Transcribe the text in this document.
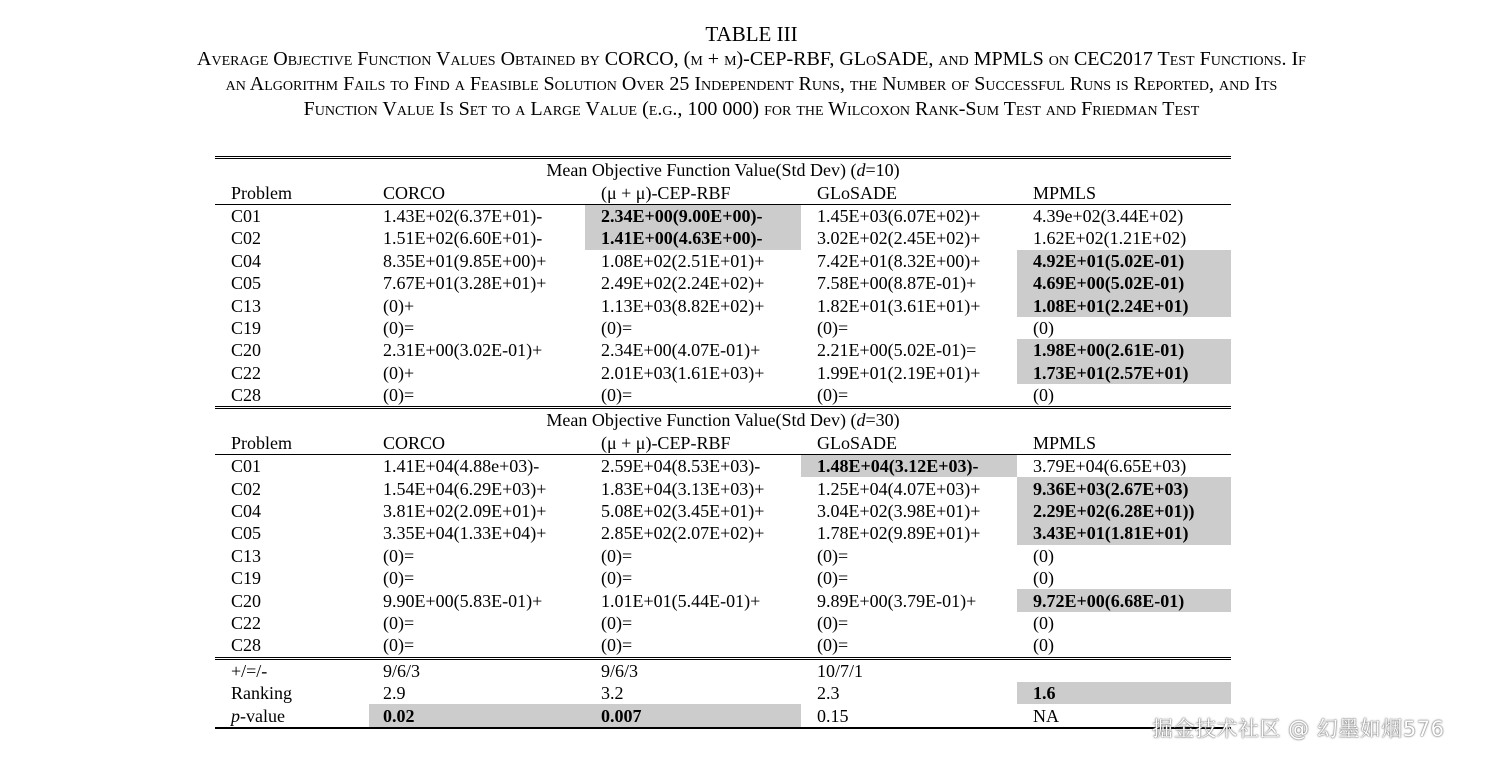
TABLE III
Average Objective Function Values Obtained by CORCO, (μ + μ)-CEP-RBF, GLoSADE, and MPMLS on CEC2017 Test Functions. If
an Algorithm Fails to Find a Feasible Solution Over 25 Independent Runs, the Number of Successful Runs is Reported, and Its
Function Value Is Set to a Large Value (e.g., 100 000) for the Wilcoxon Rank-Sum Test and Friedman Test
Mean Objective Function Value(Std Dev) (d=10)				
Problem	CORCO	(μ + μ)-CEP-RBF	GLoSADE	MPMLS
C01	1.43E+02(6.37E+01)-	2.34E+00(9.00E+00)-	1.45E+03(6.07E+02)+	4.39e+02(3.44E+02)
C02	1.51E+02(6.60E+01)-	1.41E+00(4.63E+00)-	3.02E+02(2.45E+02)+	1.62E+02(1.21E+02)
C04	8.35E+01(9.85E+00)+	1.08E+02(2.51E+01)+	7.42E+01(8.32E+00)+	4.92E+01(5.02E-01)
C05	7.67E+01(3.28E+01)+	2.49E+02(2.24E+02)+	7.58E+00(8.87E-01)+	4.69E+00(5.02E-01)
C13	(0)+	1.13E+03(8.82E+02)+	1.82E+01(3.61E+01)+	1.08E+01(2.24E+01)
C19	(0)=	(0)=	(0)=	(0)
C20	2.31E+00(3.02E-01)+	2.34E+00(4.07E-01)+	2.21E+00(5.02E-01)=	1.98E+00(2.61E-01)
C22	(0)+	2.01E+03(1.61E+03)+	1.99E+01(2.19E+01)+	1.73E+01(2.57E+01)
C28	(0)=	(0)=	(0)=	(0)
Mean Objective Function Value(Std Dev) (d=30)				
Problem	CORCO	(μ + μ)-CEP-RBF	GLoSADE	MPMLS
C01	1.41E+04(4.88e+03)-	2.59E+04(8.53E+03)-	1.48E+04(3.12E+03)-	3.79E+04(6.65E+03)
C02	1.54E+04(6.29E+03)+	1.83E+04(3.13E+03)+	1.25E+04(4.07E+03)+	9.36E+03(2.67E+03)
C04	3.81E+02(2.09E+01)+	5.08E+02(3.45E+01)+	3.04E+02(3.98E+01)+	2.29E+02(6.28E+01))
C05	3.35E+04(1.33E+04)+	2.85E+02(2.07E+02)+	1.78E+02(9.89E+01)+	3.43E+01(1.81E+01)
C13	(0)=	(0)=	(0)=	(0)
C19	(0)=	(0)=	(0)=	(0)
C20	9.90E+00(5.83E-01)+	1.01E+01(5.44E-01)+	9.89E+00(3.79E-01)+	9.72E+00(6.68E-01)
C22	(0)=	(0)=	(0)=	(0)
C28	(0)=	(0)=	(0)=	(0)
+/=/-	9/6/3	9/6/3	10/7/1	
Ranking	2.9	3.2	2.3	1.6
p-value	0.02	0.007	0.15	NA
掘金技术社区 @ 幻墨如烟576
